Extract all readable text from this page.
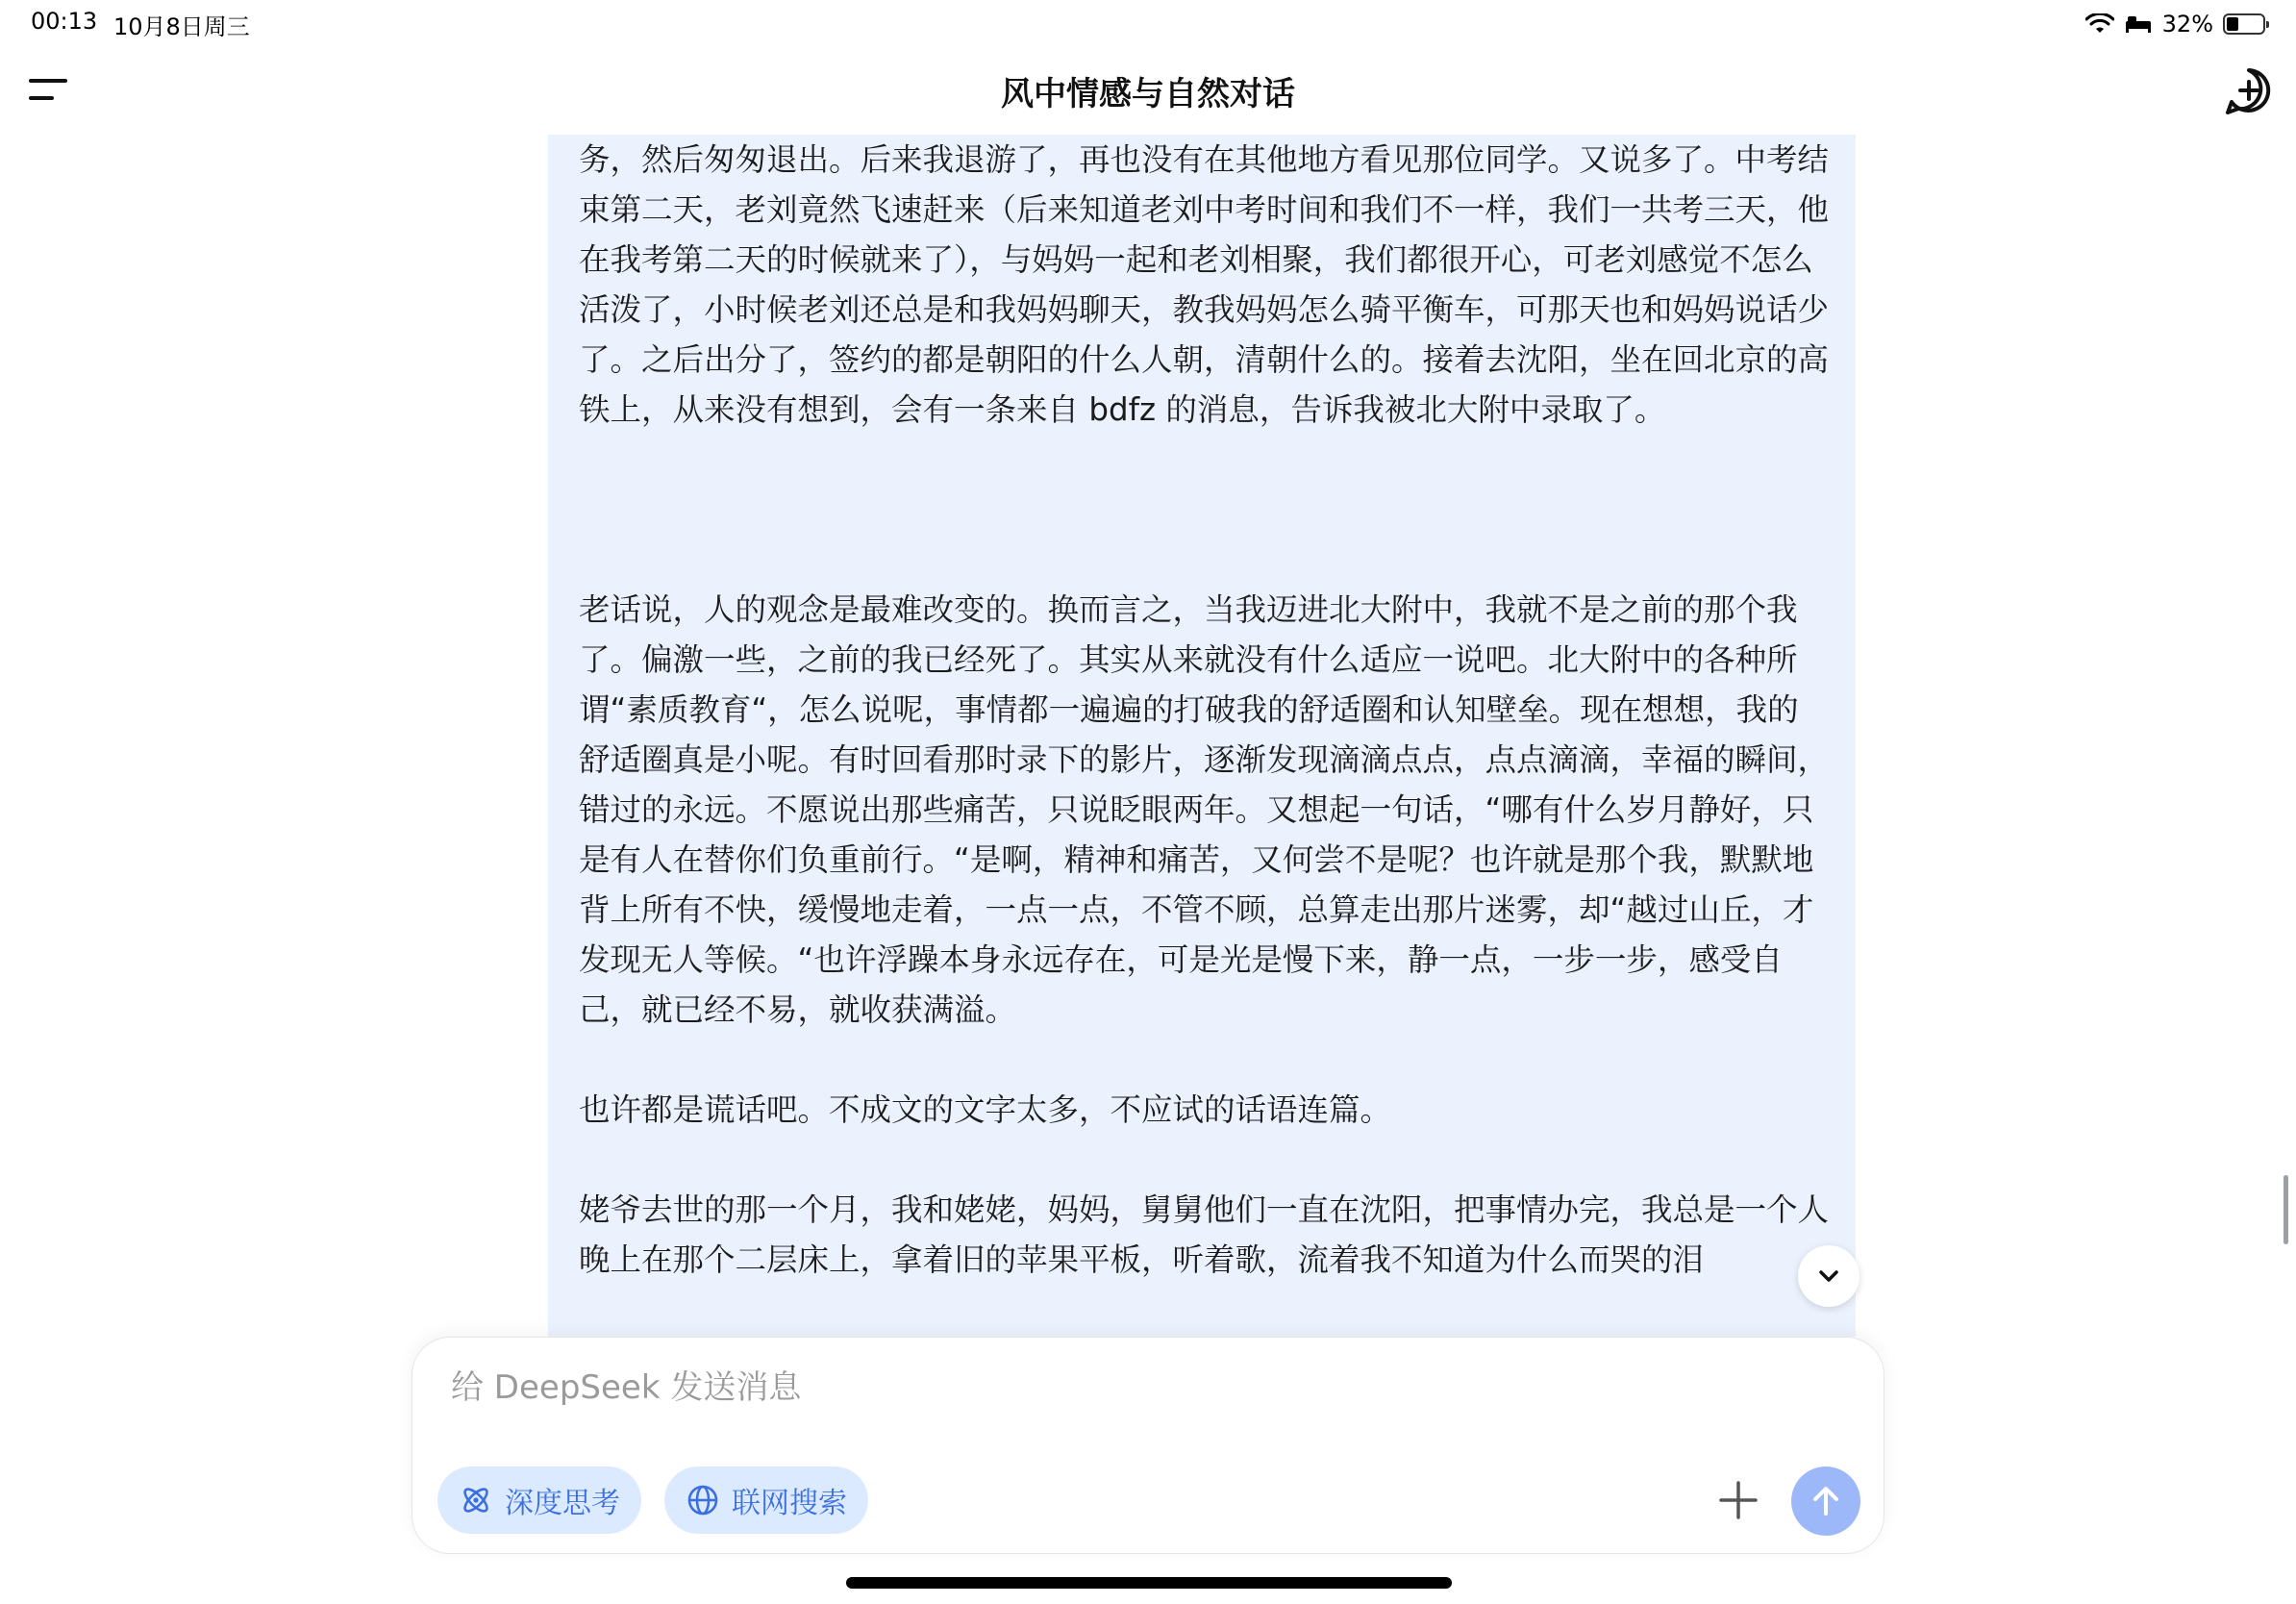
00:13 10月8日周三	32%
风中情感与自然对话

务，然后匆匆退出。后来我退游了，再也没有在其他地方看见那位同学。又说多了。中考结束第二天，老刘竟然飞速赶来（后来知道老刘中考时间和我们不一样，我们一共考三天，他在我考第二天的时候就来了），与妈妈一起和老刘相聚，我们都很开心，可老刘感觉不怎么活泼了，小时候老刘还总是和我妈妈聊天，教我妈妈怎么骑平衡车，可那天也和妈妈说话少了。之后出分了，签约的都是朝阳的什么人朝，清朝什么的。接着去沈阳，坐在回北京的高铁上，从来没有想到，会有一条来自 bdfz 的消息，告诉我被北大附中录取了。

老话说，人的观念是最难改变的。换而言之，当我迈进北大附中，我就不是之前的那个我了。偏激一些，之前的我已经死了。其实从来就没有什么适应一说吧。北大附中的各种所谓“素质教育“，怎么说呢，事情都一遍遍的打破我的舒适圈和认知壁垒。现在想想，我的舒适圈真是小呢。有时回看那时录下的影片，逐渐发现滴滴点点，点点滴滴，幸福的瞬间，错过的永远。不愿说出那些痛苦，只说眨眼两年。又想起一句话，“哪有什么岁月静好，只是有人在替你们负重前行。“是啊，精神和痛苦，又何尝不是呢？也许就是那个我，默默地背上所有不快，缓慢地走着，一点一点，不管不顾，总算走出那片迷雾，却“越过山丘，才发现无人等候。“也许浮躁本身永远存在，可是光是慢下来，静一点，一步一步，感受自己，就已经不易，就收获满溢。

也许都是谎话吧。不成文的文字太多，不应试的话语连篇。

姥爷去世的那一个月，我和姥姥，妈妈，舅舅他们一直在沈阳，把事情办完，我总是一个人晚上在那个二层床上，拿着旧的苹果平板，听着歌，流着我不知道为什么而哭的泪

给 DeepSeek 发送消息
深度思考	联网搜索
